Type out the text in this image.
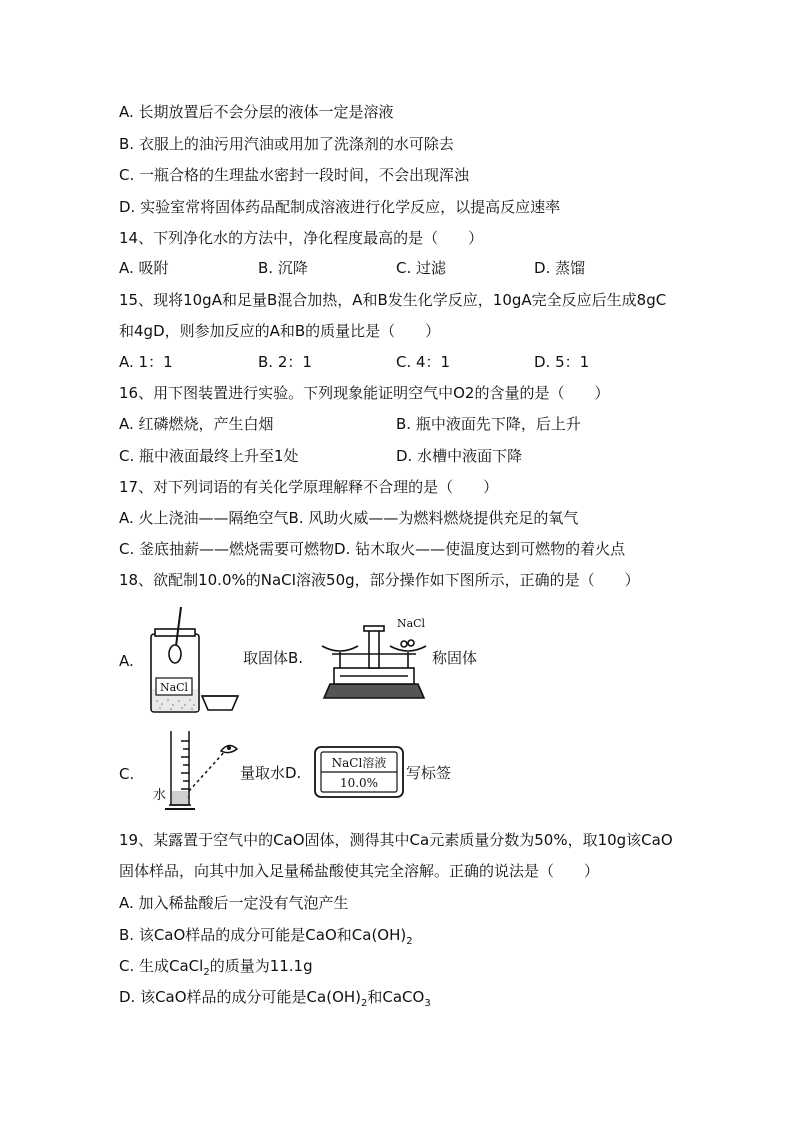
A. 长期放置后不会分层的液体一定是溶液
B. 衣服上的油污用汽油或用加了洗涤剂的水可除去
C. 一瓶合格的生理盐水密封一段时间，不会出现浑浊
D. 实验室常将固体药品配制成溶液进行化学反应，以提高反应速率
14、下列净化水的方法中，净化程度最高的是（　　）
A. 吸附	B. 沉降	C. 过滤	D. 蒸馏
15、现将10gA和足量B混合加热，A和B发生化学反应，10gA完全反应后生成8gC
和4gD，则参加反应的A和B的质量比是（　　）
A. 1：1	B. 2：1	C. 4：1	D. 5：1
16、用下图装置进行实验。下列现象能证明空气中O2的含量的是（　　）
A. 红磷燃烧，产生白烟	B. 瓶中液面先下降，后上升
C. 瓶中液面最终上升至1处	D. 水槽中液面下降
17、对下列词语的有关化学原理解释不合理的是（　　）
A. 火上浇油——隔绝空气B. 风助火威——为燃料燃烧提供充足的氧气
C. 釜底抽薪——燃烧需要可燃物D. 钻木取火——使温度达到可燃物的着火点
18、欲配制10.0%的NaCI溶液50g，部分操作如下图所示，正确的是（　　）
A.
NaCl
取固体B.
NaCl
称固体
C.
水
量取水D.
NaCl溶液
10.0%
写标签
19、某露置于空气中的CaO固体，测得其中Ca元素质量分数为50%，取10g该CaO
固体样品，向其中加入足量稀盐酸使其完全溶解。正确的说法是（　　）
A. 加入稀盐酸后一定没有气泡产生
B. 该CaO样品的成分可能是CaO和$Ca(OH)_2$
C. 生成CaCl$_2$的质量为11.1g
D. 该CaO样品的成分可能是$Ca(OH)_2$和CaCO$_3$
